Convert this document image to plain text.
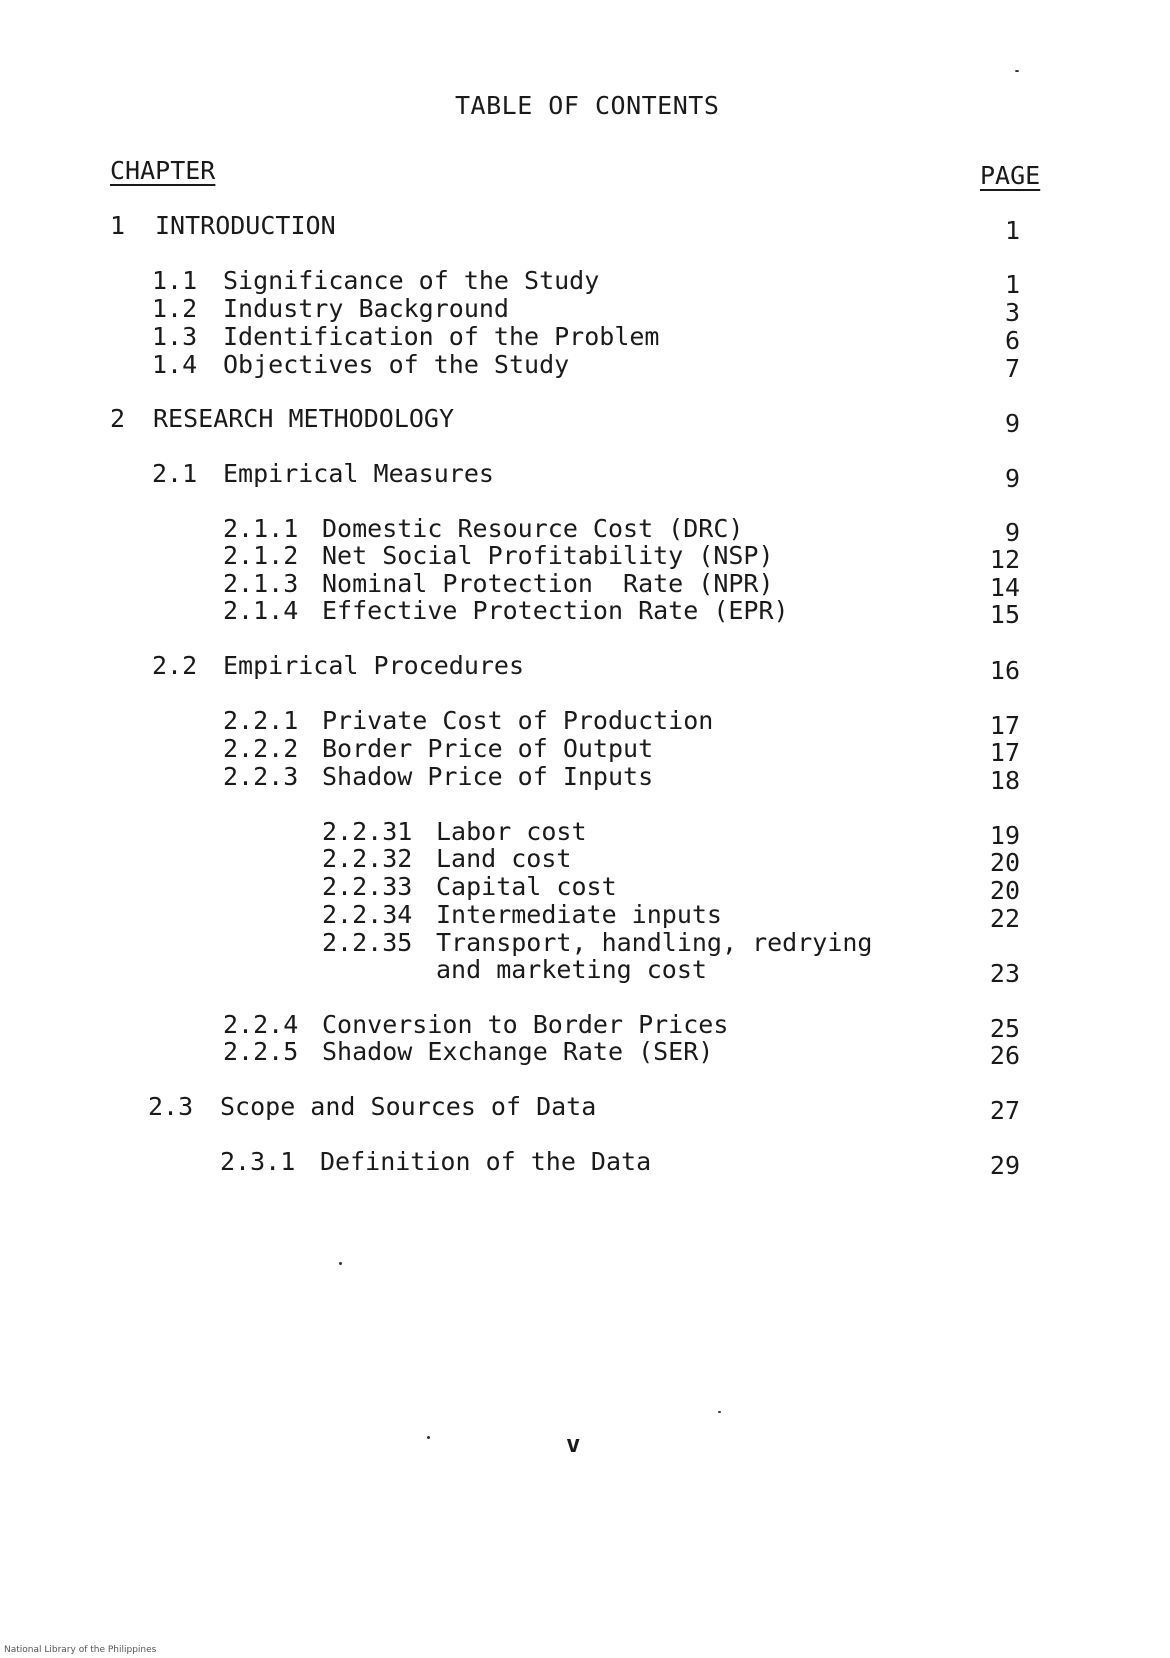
TABLE OF CONTENTS
CHAPTER	PAGE
1 INTRODUCTION	1
1.1 Significance of the Study	1
1.2 Industry Background	3
1.3 Identification of the Problem	6
1.4 Objectives of the Study	7
2 RESEARCH METHODOLOGY	9
2.1 Empirical Measures	9
2.1.1 Domestic Resource Cost (DRC)	9
2.1.2 Net Social Profitability (NSP)	12
2.1.3 Nominal Protection  Rate (NPR)	14
2.1.4 Effective Protection Rate (EPR)	15
2.2 Empirical Procedures	16
2.2.1 Private Cost of Production	17
2.2.2 Border Price of Output	17
2.2.3 Shadow Price of Inputs	18
2.2.31 Labor cost	19
2.2.32 Land cost	20
2.2.33 Capital cost	20
2.2.34 Intermediate inputs	22
2.2.35 Transport, handling, redrying
and marketing cost	23
2.2.4 Conversion to Border Prices	25
2.2.5 Shadow Exchange Rate (SER)	26
2.3 Scope and Sources of Data	27
2.3.1 Definition of the Data	29
v
National Library of the Philippines
